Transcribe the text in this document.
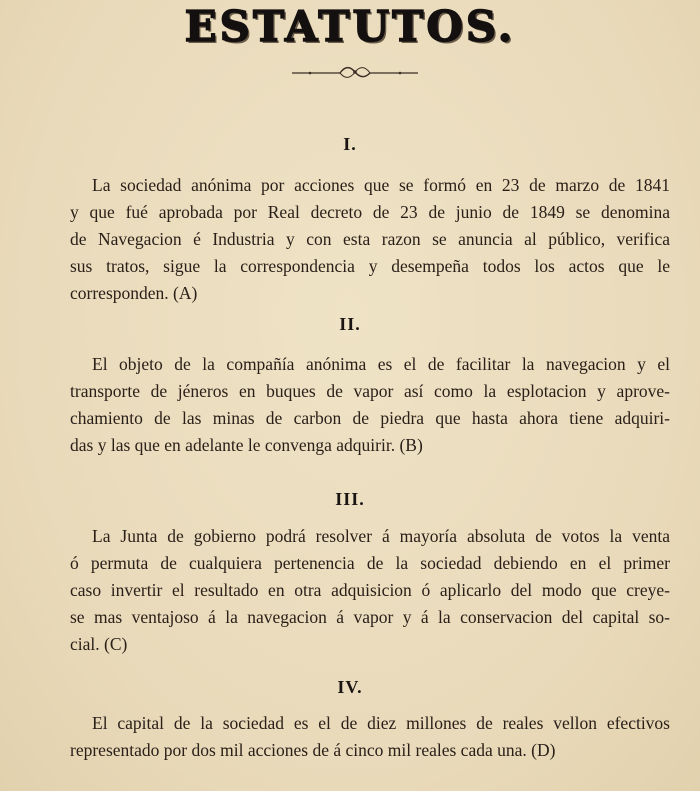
ESTATUTOS.
I.
La sociedad anónima por acciones que se formó en 23 de marzo de 1841
y que fué aprobada por Real decreto de 23 de junio de 1849 se denomina
de Navegacion é Industria y con esta razon se anuncia al público, verifica
sus tratos, sigue la correspondencia y desempeña todos los actos que le
corresponden. (A)
II.
El objeto de la compañía anónima es el de facilitar la navegacion y el
transporte de jéneros en buques de vapor así como la esplotacion y aprove-
chamiento de las minas de carbon de piedra que hasta ahora tiene adquiri-
das y las que en adelante le convenga adquirir. (B)
III.
La Junta de gobierno podrá resolver á mayoría absoluta de votos la venta
ó permuta de cualquiera pertenencia de la sociedad debiendo en el primer
caso invertir el resultado en otra adquisicion ó aplicarlo del modo que creye-
se mas ventajoso á la navegacion á vapor y á la conservacion del capital so-
cial. (C)
IV.
El capital de la sociedad es el de diez millones de reales vellon efectivos
representado por dos mil acciones de á cinco mil reales cada una. (D)
